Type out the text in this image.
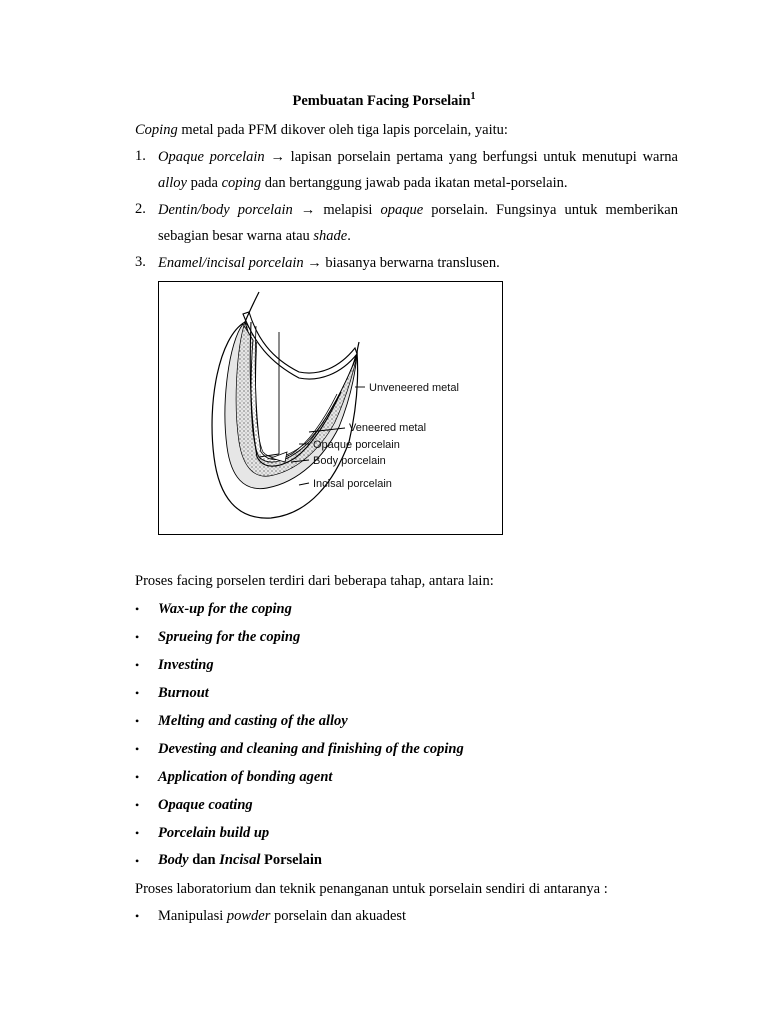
Pembuatan Facing Porselain$^1$
Coping metal pada PFM dikover oleh tiga lapis porcelain, yaitu:
1. Opaque porcelain → lapisan porselain pertama yang berfungsi untuk menutupi warna
alloy pada coping dan bertanggung jawab pada ikatan metal-porselain.
2. Dentin/body porcelain → melapisi opaque porselain. Fungsinya untuk memberikan
sebagian besar warna atau shade.
3. Enamel/incisal porcelain → biasanya berwarna translusen.
Unveneered metal
Veneered metal
Opaque porcelain
Body porcelain
Incisal porcelain
Proses facing porselen terdiri dari beberapa tahap, antara lain:
• Wax-up for the coping
• Sprueing for the coping
• Investing
• Burnout
• Melting and casting of the alloy
• Devesting and cleaning and finishing of the coping
• Application of bonding agent
• Opaque coating
• Porcelain build up
• Body dan Incisal Porselain
Proses laboratorium dan teknik penanganan untuk porselain sendiri di antaranya :
• Manipulasi powder porselain dan akuadest
